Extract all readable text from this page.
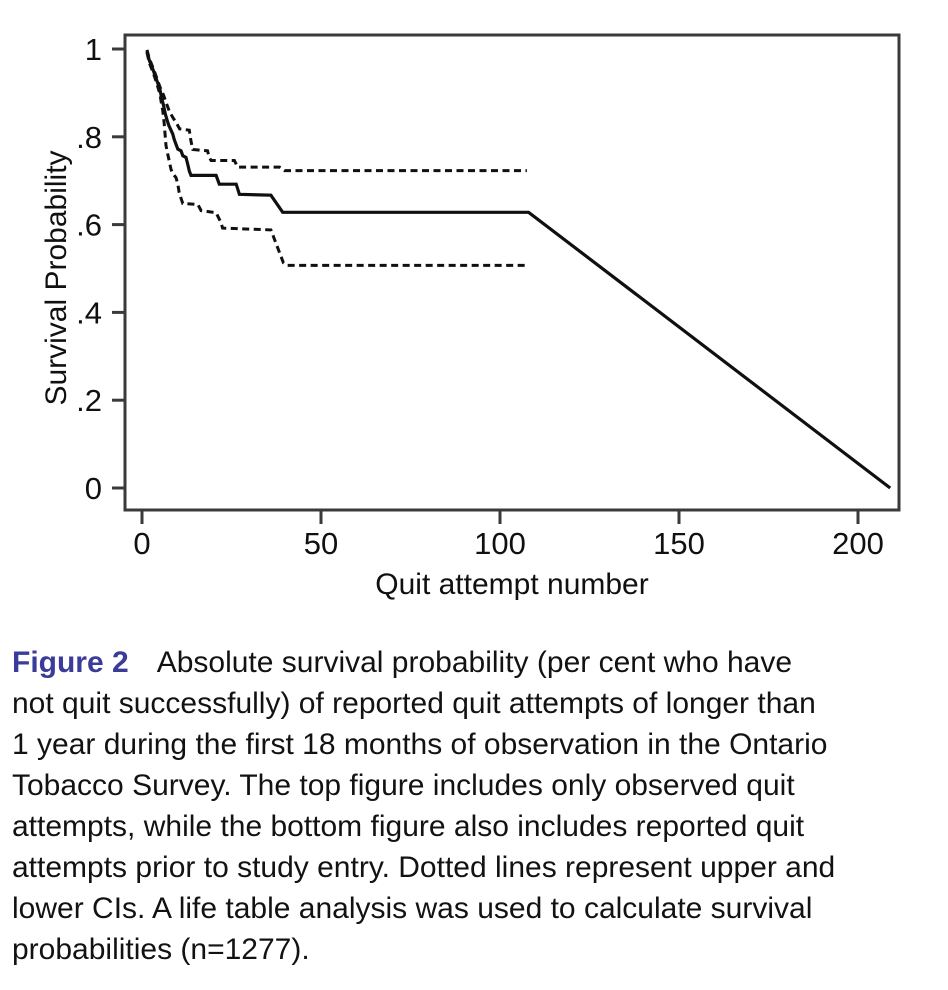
1
.8
.6
.4
.2
0
0	50	100	150	200
Survival Probability
Quit attempt number
Figure 2 Absolute survival probability (per cent who have
not quit successfully) of reported quit attempts of longer than
1 year during the first 18 months of observation in the Ontario
Tobacco Survey. The top figure includes only observed quit
attempts, while the bottom figure also includes reported quit
attempts prior to study entry. Dotted lines represent upper and
lower CIs. A life table analysis was used to calculate survival
probabilities (n=1277).
